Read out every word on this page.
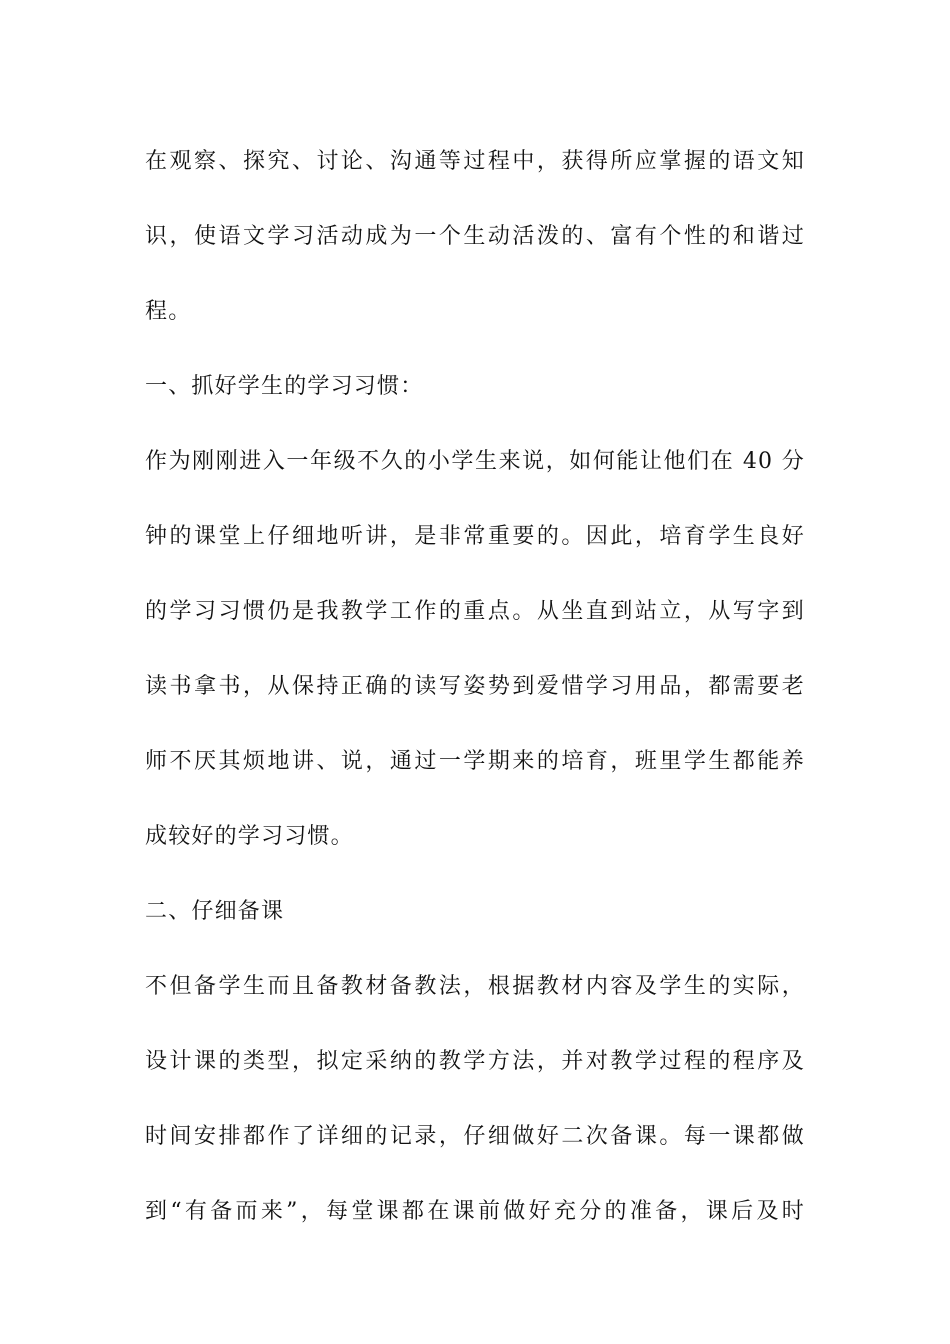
在观察、探究、讨论、沟通等过程中，获得所应掌握的语文知
识，使语文学习活动成为一个生动活泼的、富有个性的和谐过
程。
一、抓好学生的学习习惯：
作为刚刚进入一年级不久的小学生来说，如何能让他们在 40 分
钟的课堂上仔细地听讲，是非常重要的。因此，培育学生良好
的学习习惯仍是我教学工作的重点。从坐直到站立，从写字到
读书拿书，从保持正确的读写姿势到爱惜学习用品，都需要老
师不厌其烦地讲、说，通过一学期来的培育，班里学生都能养
成较好的学习习惯。
二、仔细备课
不但备学生而且备教材备教法，根据教材内容及学生的实际，
设计课的类型，拟定采纳的教学方法，并对教学过程的程序及
时间安排都作了详细的记录，仔细做好二次备课。每一课都做
到“有备而来”，每堂课都在课前做好充分的准备，课后及时
